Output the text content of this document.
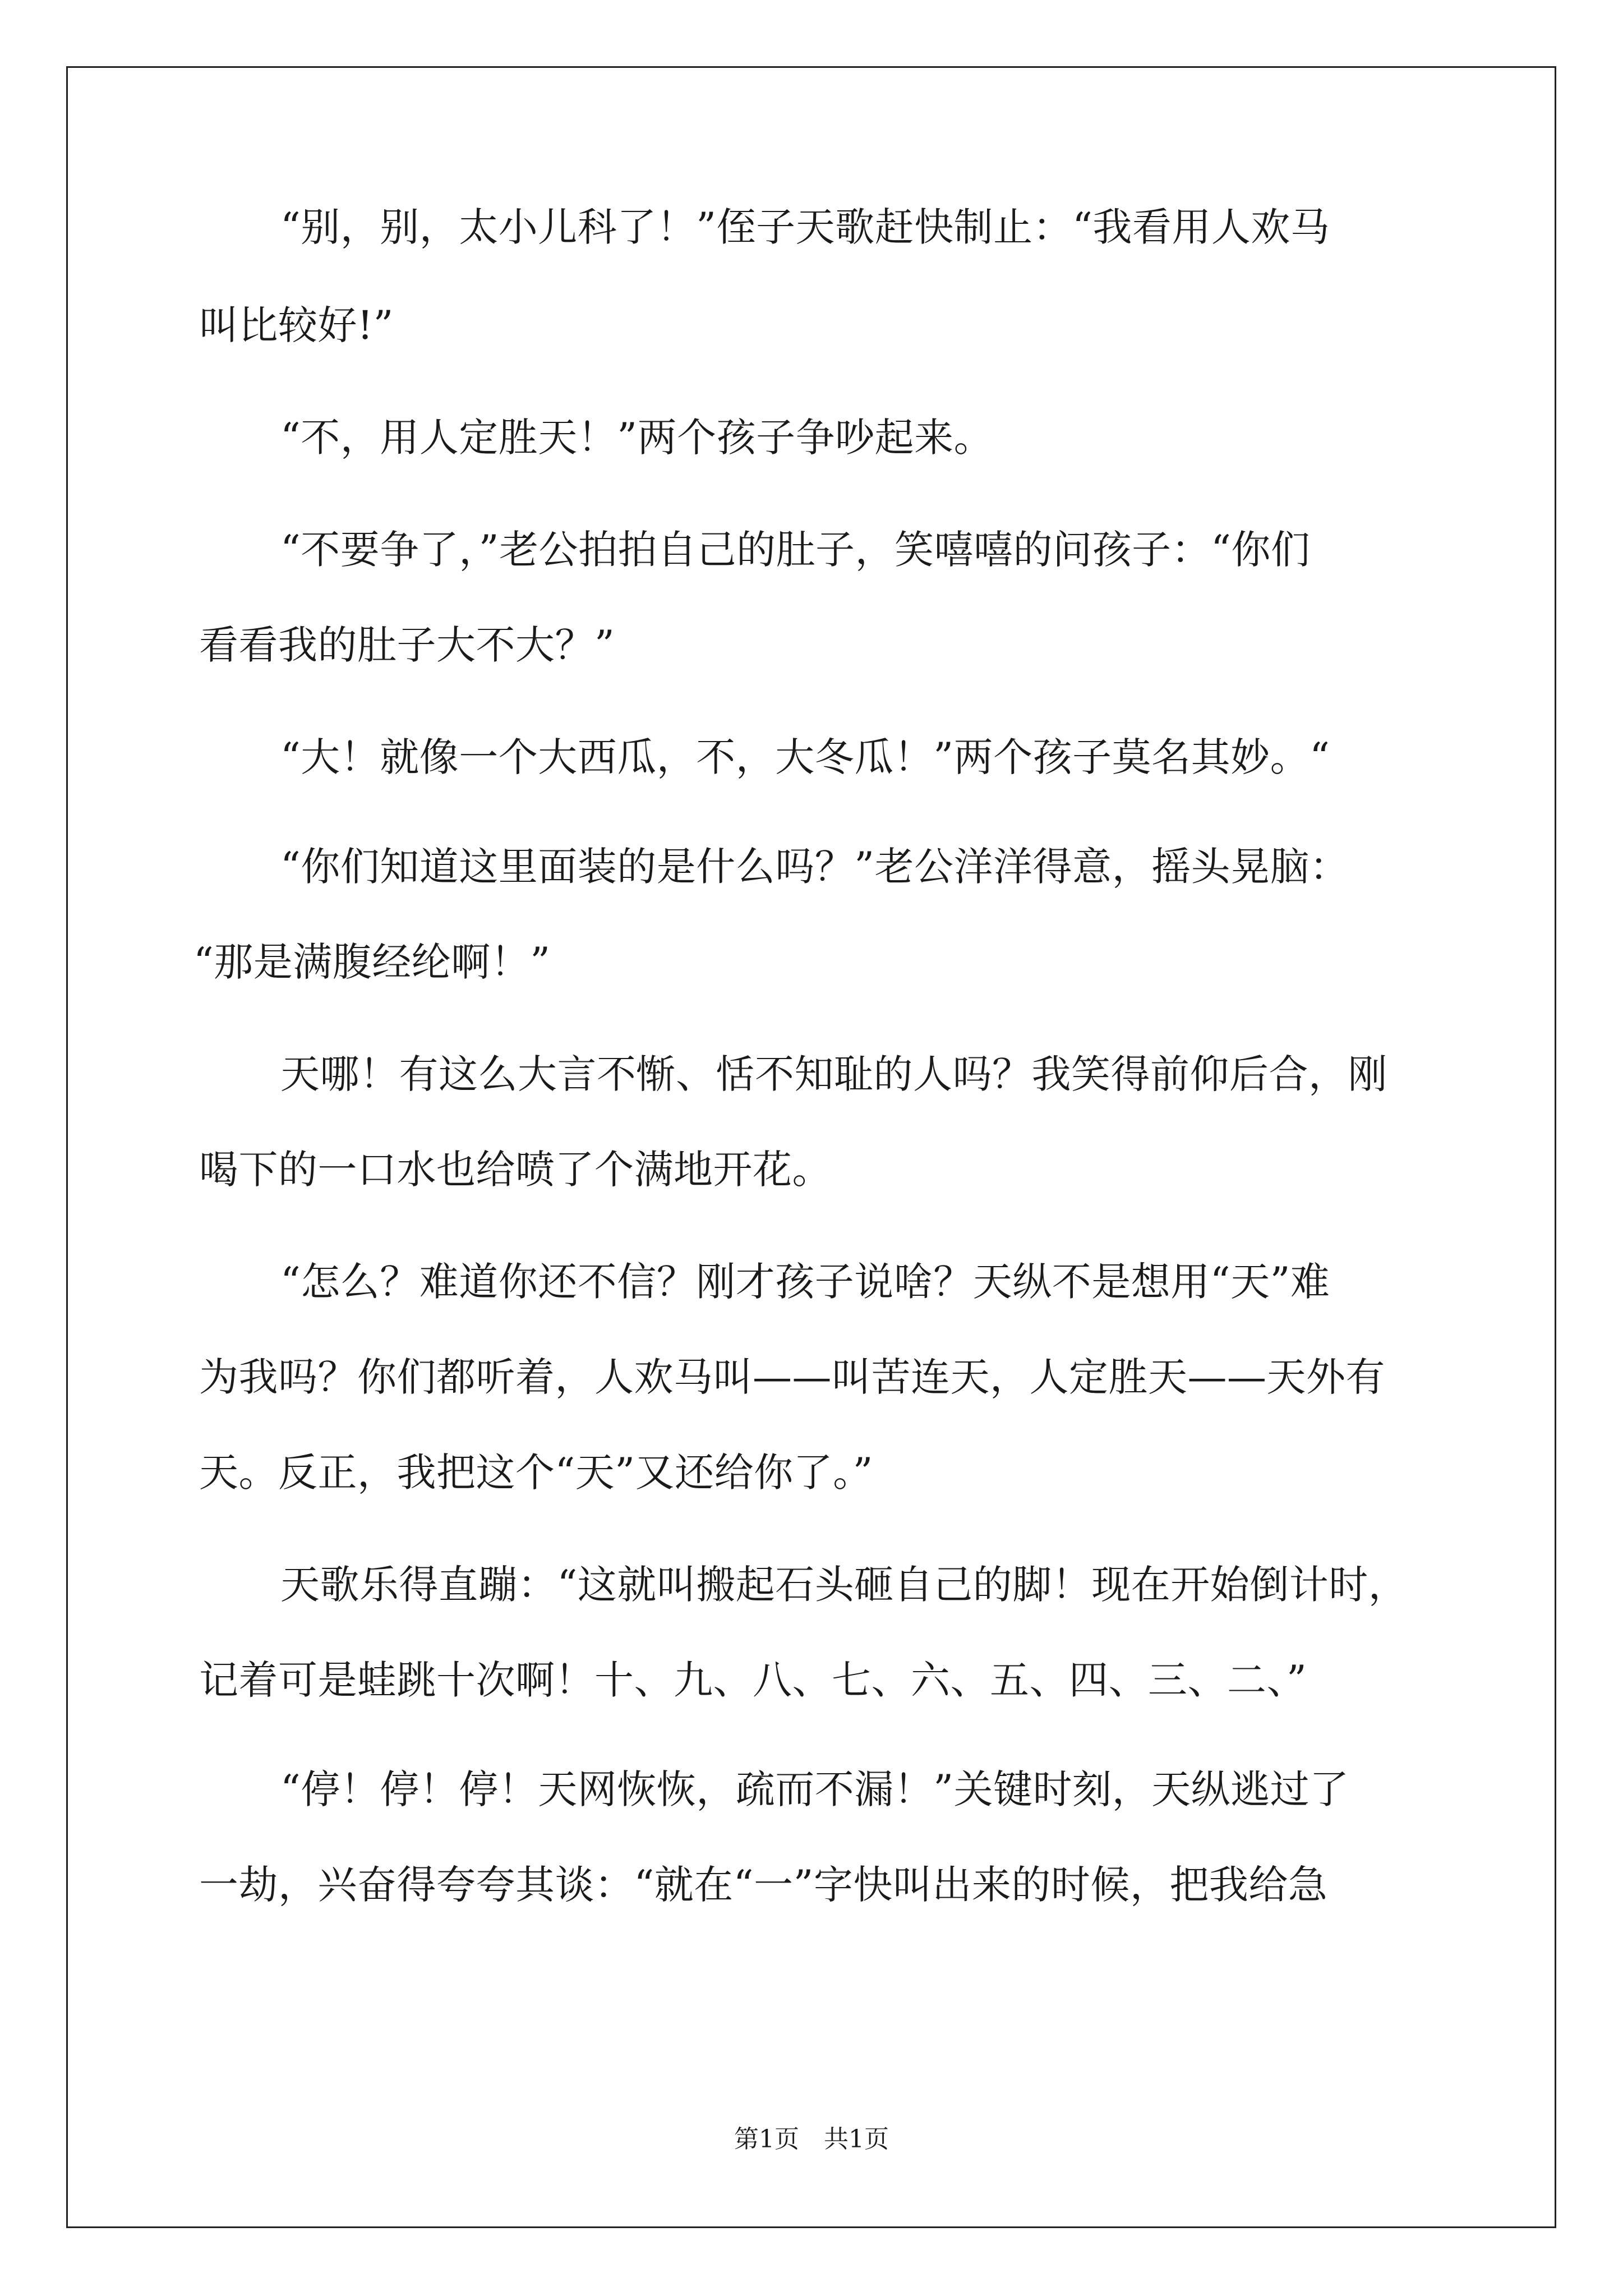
“别，别，太小儿科了！”侄子天歌赶快制止：“我看用人欢马
叫比较好!”
“不，用人定胜天！”两个孩子争吵起来。
“不要争了，”老公拍拍自己的肚子，笑嘻嘻的问孩子：“你们
看看我的肚子大不大？”
“大！就像一个大西瓜，不，大冬瓜！”两个孩子莫名其妙。“
“你们知道这里面装的是什么吗？”老公洋洋得意，摇头晃脑：
“那是满腹经纶啊！”
天哪！有这么大言不惭、恬不知耻的人吗？我笑得前仰后合，刚
喝下的一口水也给喷了个满地开花。
“怎么？难道你还不信？刚才孩子说啥？天纵不是想用“天”难
为我吗？你们都听着，人欢马叫——叫苦连天，人定胜天——天外有
天。反正，我把这个“天”又还给你了。”
天歌乐得直蹦：“这就叫搬起石头砸自己的脚！现在开始倒计时，
记着可是蛙跳十次啊！十、九、八、七、六、五、四、三、二、”
“停！停！停！天网恢恢，疏而不漏！”关键时刻，天纵逃过了
一劫，兴奋得夸夸其谈：“就在“一”字快叫出来的时候，把我给急
第1页　共1页
